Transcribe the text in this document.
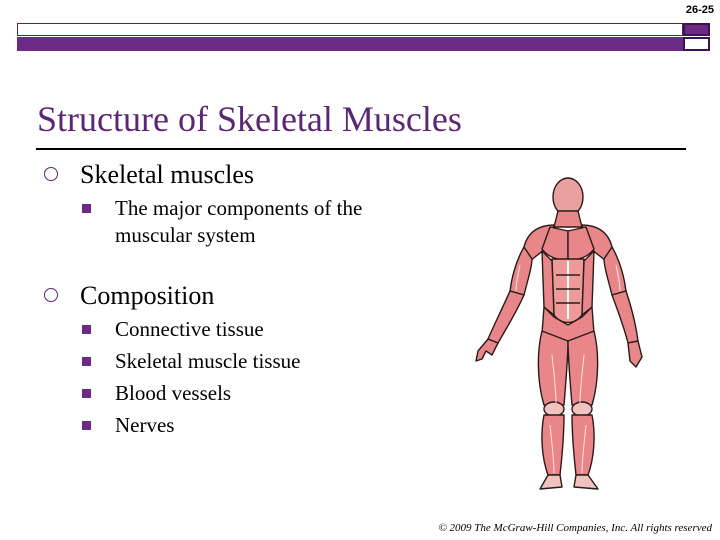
26-25
Structure of Skeletal Muscles
Skeletal muscles
The major components of the
muscular system
Composition
Connective tissue
Skeletal muscle tissue
Blood vessels
Nerves
© 2009 The McGraw-Hill Companies, Inc. All rights reserved
